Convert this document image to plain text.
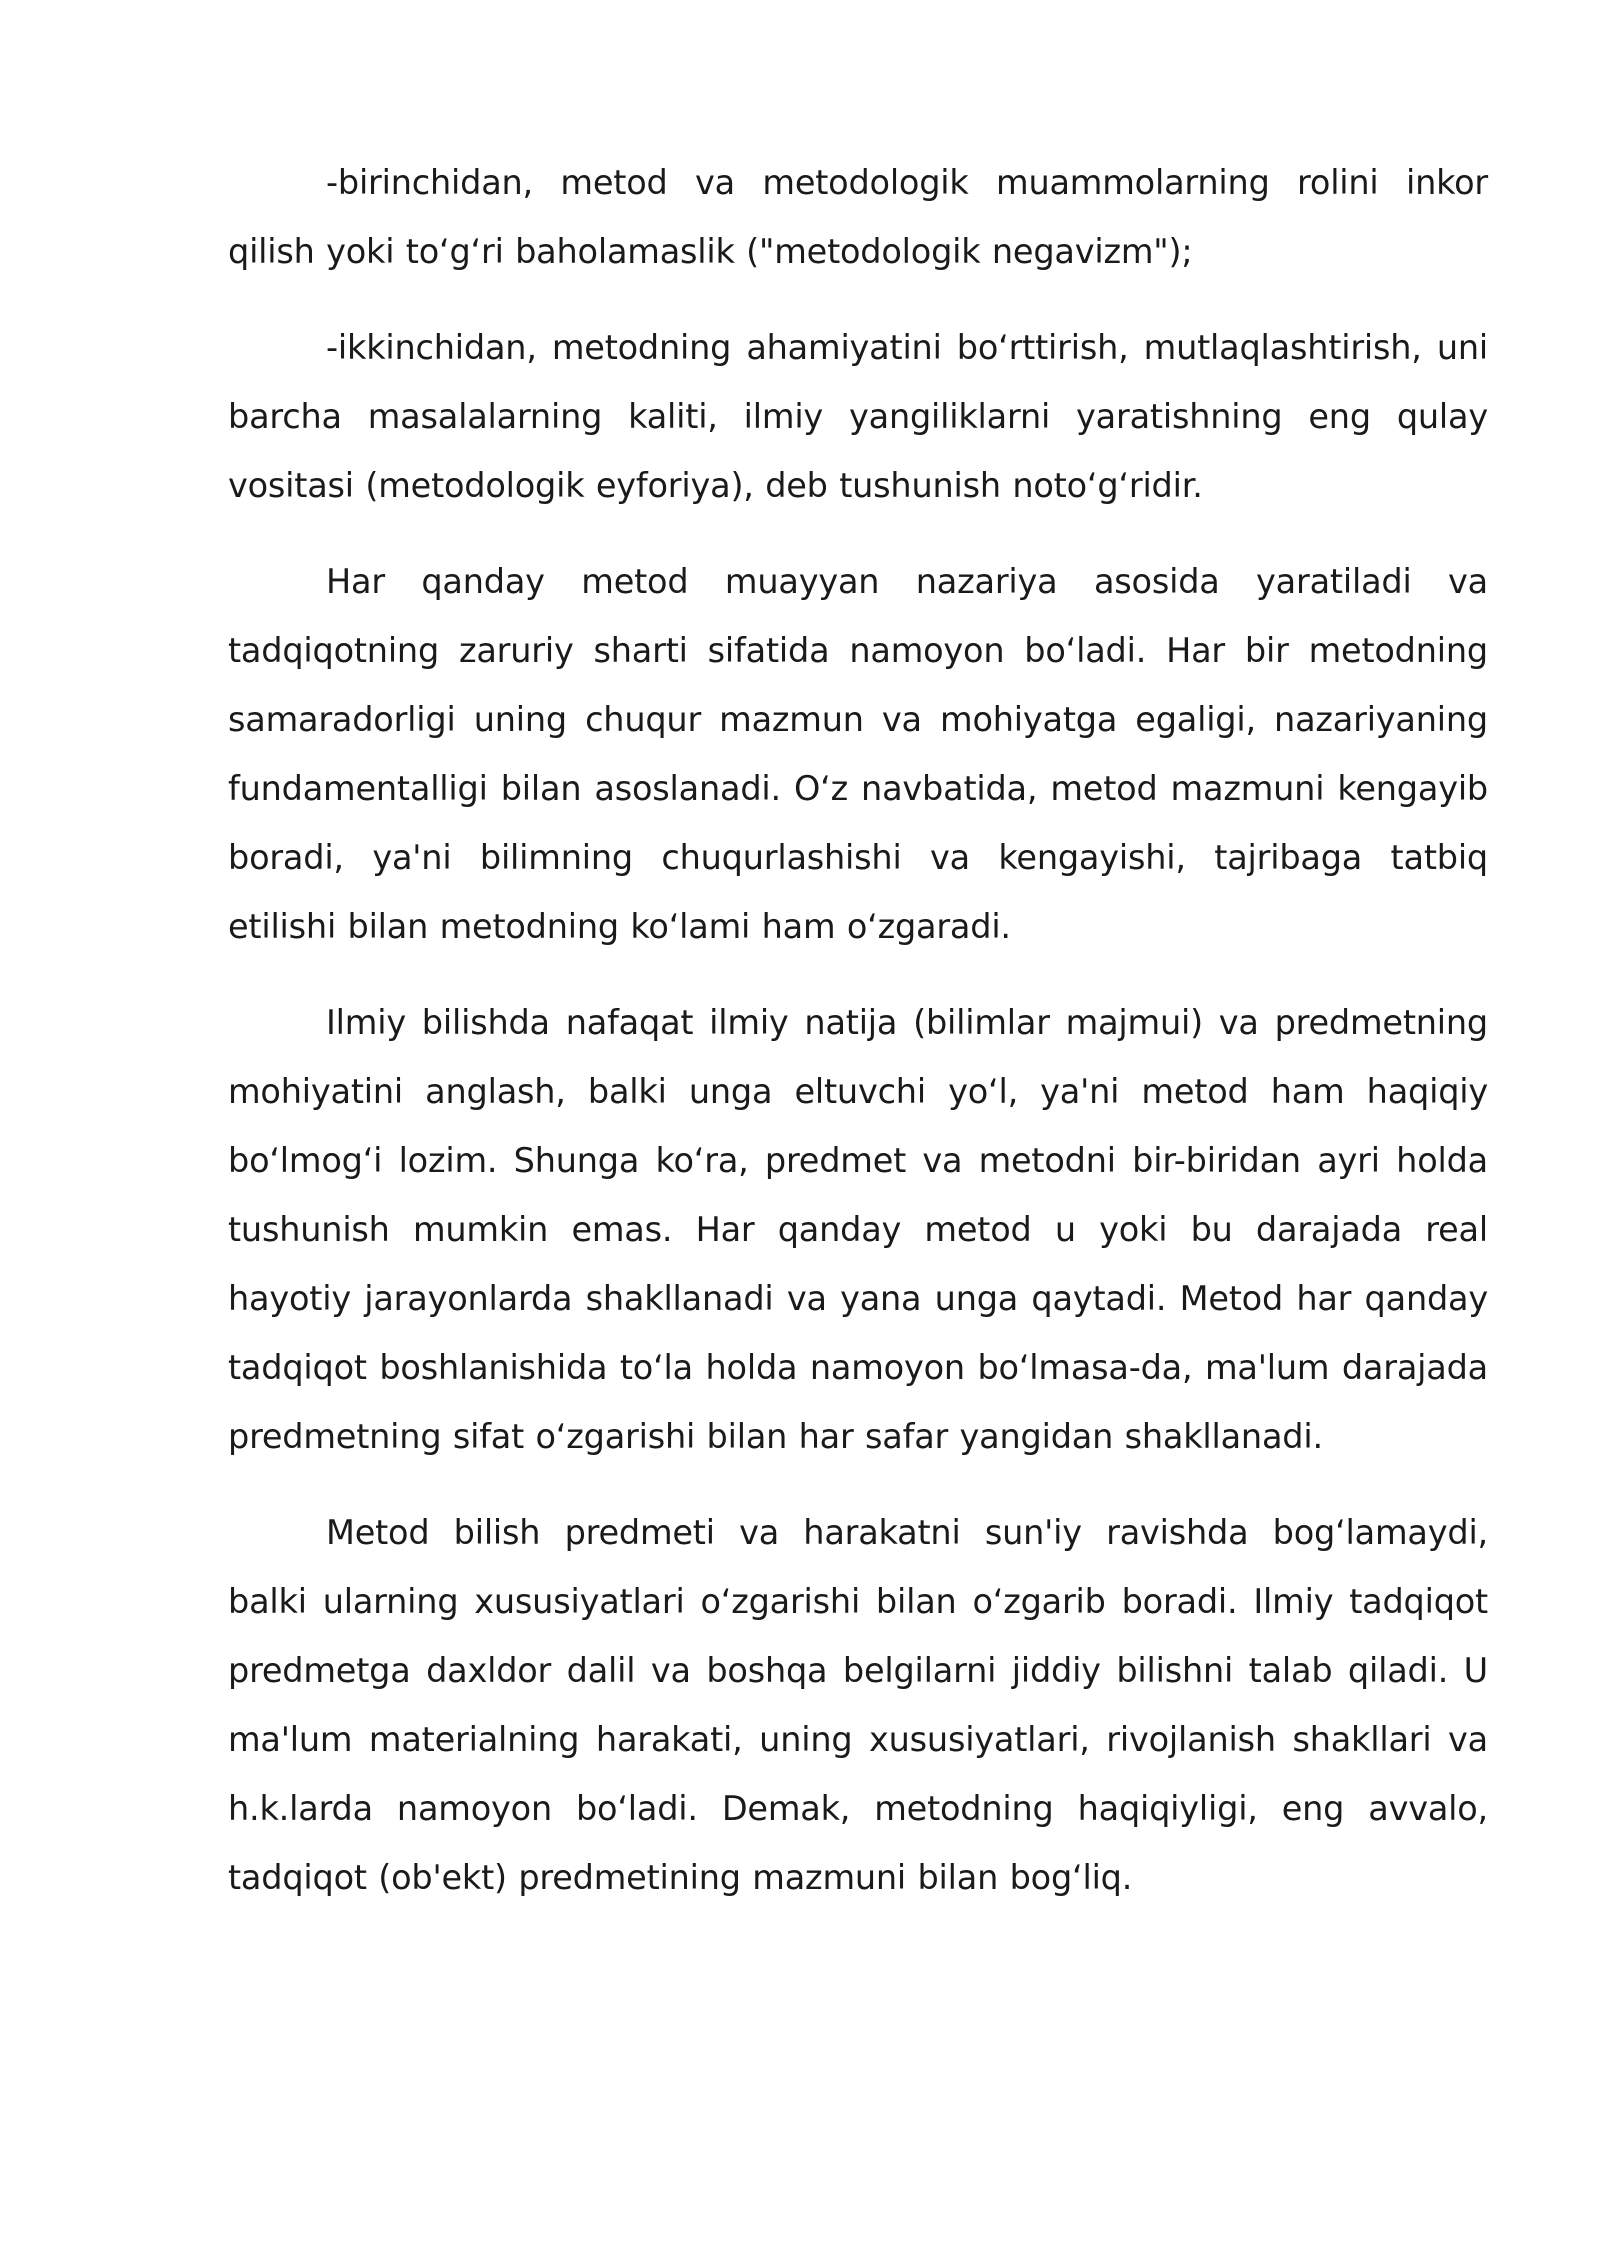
-birinchidan, metod va metodologik muammolarning rolini inkor qilish yoki to‘g‘ri baholamaslik ("metodologik negavizm");

-ikkinchidan, metodning ahamiyatini bo‘rttirish, mutlaqlashtirish, uni barcha masalalarning kaliti, ilmiy yangiliklarni yaratishning eng qulay vositasi (metodologik eyforiya), deb tushunish noto‘g‘ridir.

Har qanday metod muayyan nazariya asosida yaratiladi va tadqiqotning zaruriy sharti sifatida namoyon bo‘ladi. Har bir metodning samaradorligi uning chuqur mazmun va mohiyatga egaligi, nazariyaning fundamentalligi bilan asoslanadi. O‘z navbatida, metod mazmuni kengayib boradi, ya'ni bilimning chuqurlashishi va kengayishi, tajribaga tatbiq etilishi bilan metodning ko‘lami ham o‘zgaradi.

Ilmiy bilishda nafaqat ilmiy natija (bilimlar majmui) va predmetning mohiyatini anglash, balki unga eltuvchi yo‘l, ya'ni metod ham haqiqiy bo‘lmog‘i lozim. Shunga ko‘ra, predmet va metodni bir-biridan ayri holda tushunish mumkin emas. Har qanday metod u yoki bu darajada real hayotiy jarayonlarda shakllanadi va yana unga qaytadi. Metod har qanday tadqiqot boshlanishida to‘la holda namoyon bo‘lmasa-da, ma'lum darajada predmetning sifat o‘zgarishi bilan har safar yangidan shakllanadi.

Metod bilish predmeti va harakatni sun'iy ravishda bog‘lamaydi, balki ularning xususiyatlari o‘zgarishi bilan o‘zgarib boradi. Ilmiy tadqiqot predmetga daxldor dalil va boshqa belgilarni jiddiy bilishni talab qiladi. U ma'lum materialning harakati, uning xususiyatlari, rivojlanish shakllari va h.k.larda namoyon bo‘ladi. Demak, metodning haqiqiyligi, eng avvalo, tadqiqot (ob'ekt) predmetining mazmuni bilan bog‘liq.
